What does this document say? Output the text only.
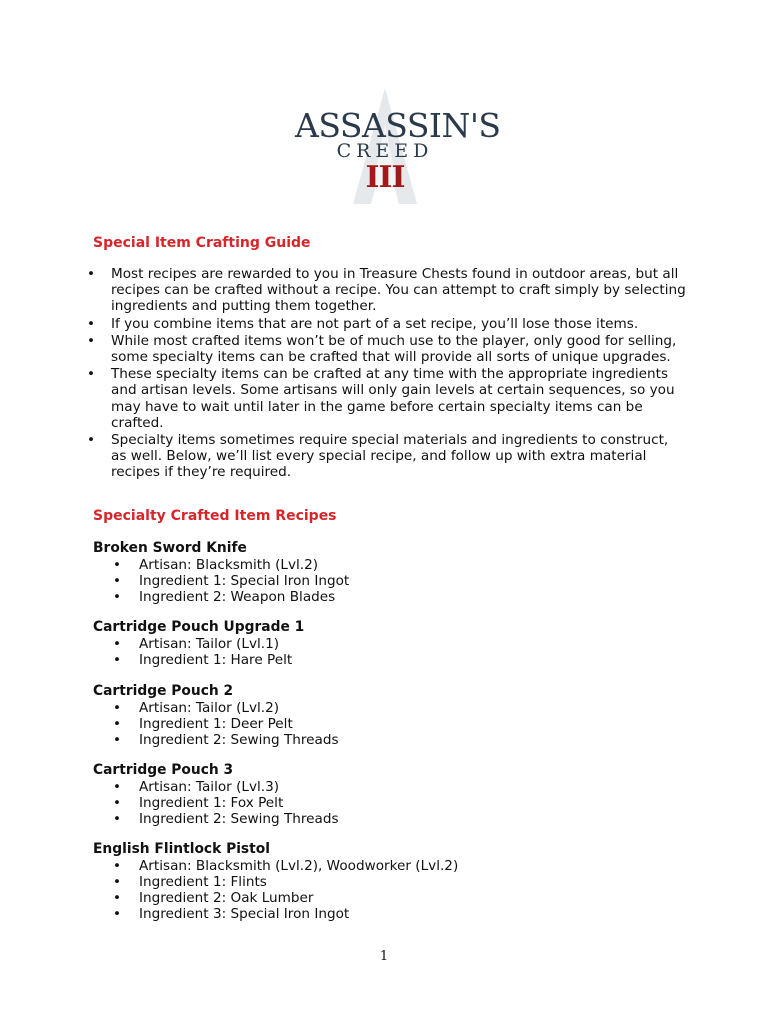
ASSASSIN'S
CREED
III
Special Item Crafting Guide
• Most recipes are rewarded to you in Treasure Chests found in outdoor areas, but all recipes can be crafted without a recipe. You can attempt to craft simply by selecting ingredients and putting them together.
• If you combine items that are not part of a set recipe, you’ll lose those items.
• While most crafted items won’t be of much use to the player, only good for selling, some specialty items can be crafted that will provide all sorts of unique upgrades.
• These specialty items can be crafted at any time with the appropriate ingredients and artisan levels. Some artisans will only gain levels at certain sequences, so you may have to wait until later in the game before certain specialty items can be crafted.
• Specialty items sometimes require special materials and ingredients to construct, as well. Below, we’ll list every special recipe, and follow up with extra material recipes if they’re required.
Specialty Crafted Item Recipes
Broken Sword Knife
• Artisan: Blacksmith (Lvl.2)
• Ingredient 1: Special Iron Ingot
• Ingredient 2: Weapon Blades
Cartridge Pouch Upgrade 1
• Artisan: Tailor (Lvl.1)
• Ingredient 1: Hare Pelt
Cartridge Pouch 2
• Artisan: Tailor (Lvl.2)
• Ingredient 1: Deer Pelt
• Ingredient 2: Sewing Threads
Cartridge Pouch 3
• Artisan: Tailor (Lvl.3)
• Ingredient 1: Fox Pelt
• Ingredient 2: Sewing Threads
English Flintlock Pistol
• Artisan: Blacksmith (Lvl.2), Woodworker (Lvl.2)
• Ingredient 1: Flints
• Ingredient 2: Oak Lumber
• Ingredient 3: Special Iron Ingot
1
